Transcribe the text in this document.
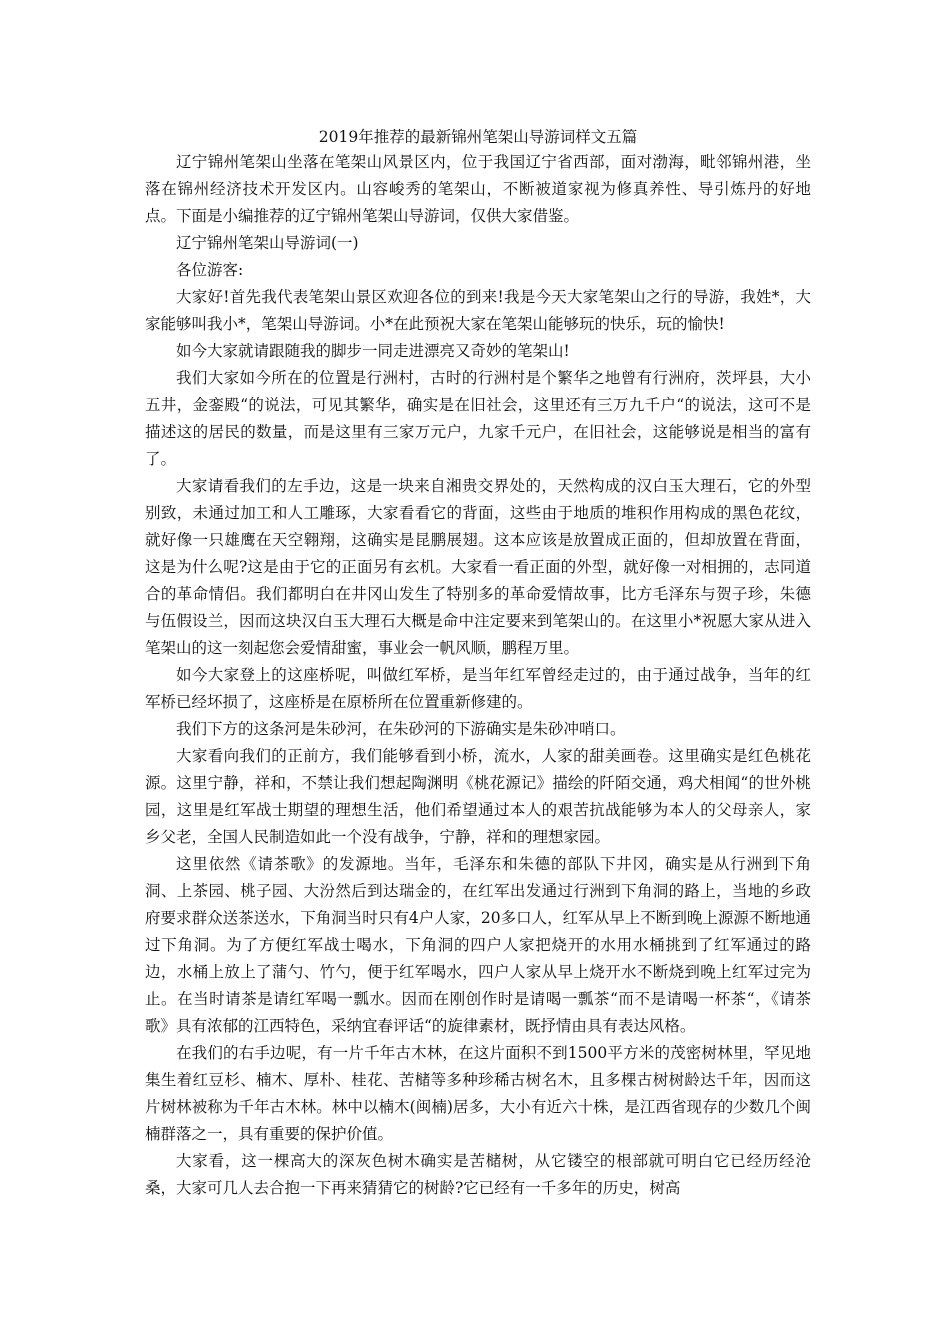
2019年推荐的最新锦州笔架山导游词样文五篇

辽宁锦州笔架山坐落在笔架山风景区内，位于我国辽宁省西部，面对渤海，毗邻锦州港，坐落在锦州经济技术开发区内。山容峻秀的笔架山，不断被道家视为修真养性、导引炼丹的好地点。下面是小编推荐的辽宁锦州笔架山导游词，仅供大家借鉴。

辽宁锦州笔架山导游词(一)

各位游客:

大家好!首先我代表笔架山景区欢迎各位的到来!我是今天大家笔架山之行的导游，我姓*，大家能够叫我小*，笔架山导游词。小*在此预祝大家在笔架山能够玩的快乐，玩的愉快!

如今大家就请跟随我的脚步一同走进漂亮又奇妙的笔架山!

我们大家如今所在的位置是行洲村，古时的行洲村是个繁华之地曾有行洲府，茨坪县，大小五井，金銮殿“的说法，可见其繁华，确实是在旧社会，这里还有三万九千户“的说法，这可不是描述这的居民的数量，而是这里有三家万元户，九家千元户，在旧社会，这能够说是相当的富有了。

大家请看我们的左手边，这是一块来自湘贵交界处的，天然构成的汉白玉大理石，它的外型别致，未通过加工和人工雕琢，大家看看它的背面，这些由于地质的堆积作用构成的黑色花纹，就好像一只雄鹰在天空翱翔，这确实是昆鹏展翅。这本应该是放置成正面的，但却放置在背面，这是为什么呢?这是由于它的正面另有玄机。大家看一看正面的外型，就好像一对相拥的，志同道合的革命情侣。我们都明白在井冈山发生了特别多的革命爱情故事，比方毛泽东与贺子珍，朱德与伍假设兰，因而这块汉白玉大理石大概是命中注定要来到笔架山的。在这里小*祝愿大家从进入笔架山的这一刻起您会爱情甜蜜，事业会一帆风顺，鹏程万里。

如今大家登上的这座桥呢，叫做红军桥，是当年红军曾经走过的，由于通过战争，当年的红军桥已经坏损了，这座桥是在原桥所在位置重新修建的。

我们下方的这条河是朱砂河，在朱砂河的下游确实是朱砂冲哨口。

大家看向我们的正前方，我们能够看到小桥，流水，人家的甜美画卷。这里确实是红色桃花源。这里宁静，祥和，不禁让我们想起陶渊明《桃花源记》描绘的阡陌交通，鸡犬相闻“的世外桃园，这里是红军战士期望的理想生活，他们希望通过本人的艰苦抗战能够为本人的父母亲人，家乡父老，全国人民制造如此一个没有战争，宁静，祥和的理想家园。

这里依然《请茶歌》的发源地。当年，毛泽东和朱德的部队下井冈，确实是从行洲到下角洞、上茶园、桃子园、大汾然后到达瑞金的，在红军出发通过行洲到下角洞的路上，当地的乡政府要求群众送茶送水，下角洞当时只有4户人家，20多口人，红军从早上不断到晚上源源不断地通过下角洞。为了方便红军战士喝水，下角洞的四户人家把烧开的水用水桶挑到了红军通过的路边，水桶上放上了蒲勺、竹勺，便于红军喝水，四户人家从早上烧开水不断烧到晚上红军过完为止。在当时请茶是请红军喝一瓢水。因而在刚创作时是请喝一瓢茶“而不是请喝一杯茶“，《请茶歌》具有浓郁的江西特色，采纳宜春评话“的旋律素材，既抒情由具有表达风格。

在我们的右手边呢，有一片千年古木林，在这片面积不到1500平方米的茂密树林里，罕见地集生着红豆杉、楠木、厚朴、桂花、苦槠等多种珍稀古树名木，且多棵古树树龄达千年，因而这片树林被称为千年古木林。林中以楠木(闽楠)居多，大小有近六十株，是江西省现存的少数几个闽楠群落之一，具有重要的保护价值。

大家看，这一棵高大的深灰色树木确实是苦槠树，从它镂空的根部就可明白它已经历经沧桑，大家可几人去合抱一下再来猜猜它的树龄?它已经有一千多年的历史，树高
